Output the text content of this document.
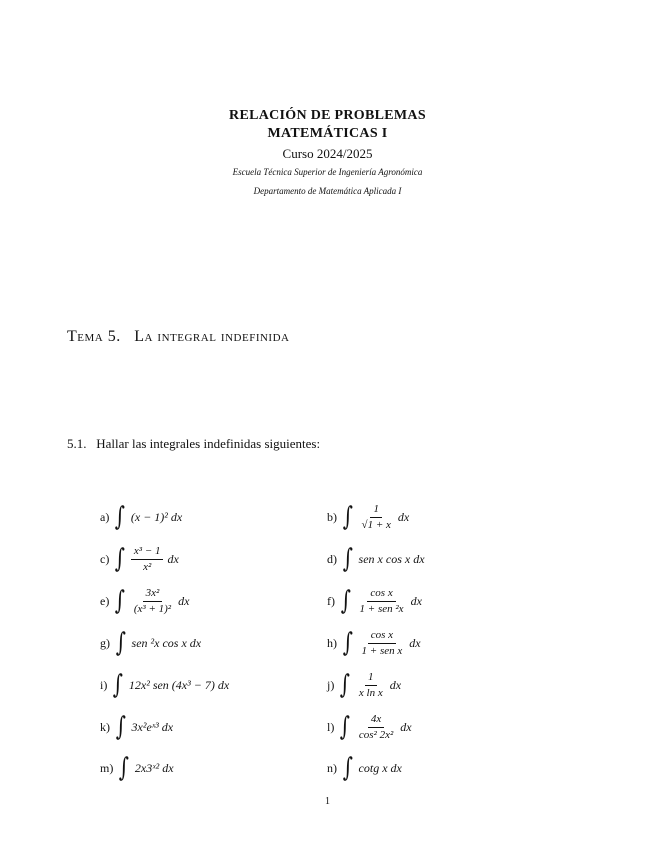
RELACIÓN DE PROBLEMAS
MATEMÁTICAS I
Curso 2024/2025
Escuela Técnica Superior de Ingeniería Agronómica
Departamento de Matemática Aplicada I
Tema 5. La integral indefinida
5.1. Hallar las integrales indefinidas siguientes:
a) ∫ (x − 1)² dx	b) ∫ $\frac{1}{√1 + x}$ dx
c) ∫ $\frac{\text{x³ − 1}}{\text{x²}}$ dx	d) ∫ sen x cos x dx
e) ∫ $\frac{\text{3x²}}{\text{(x³ + 1)²}}$ dx	f) ∫ $\frac{\text{cos x}}{\text{1 + sen ²x}}$ dx
g) ∫ sen ²x cos x dx	h) ∫ $\frac{\text{cos x}}{\text{1 + sen x}}$ dx
i) ∫ 12x² sen (4x³ − 7) dx	j) ∫ $\frac{1}{\text{x ln x}}$ dx
k) ∫ 3x²eˣ³ dx	l) ∫ $\frac{4x}{\text{cos² 2x²}}$ dx
m) ∫ 2x3ˣ² dx	n) ∫ cotg x dx
1
